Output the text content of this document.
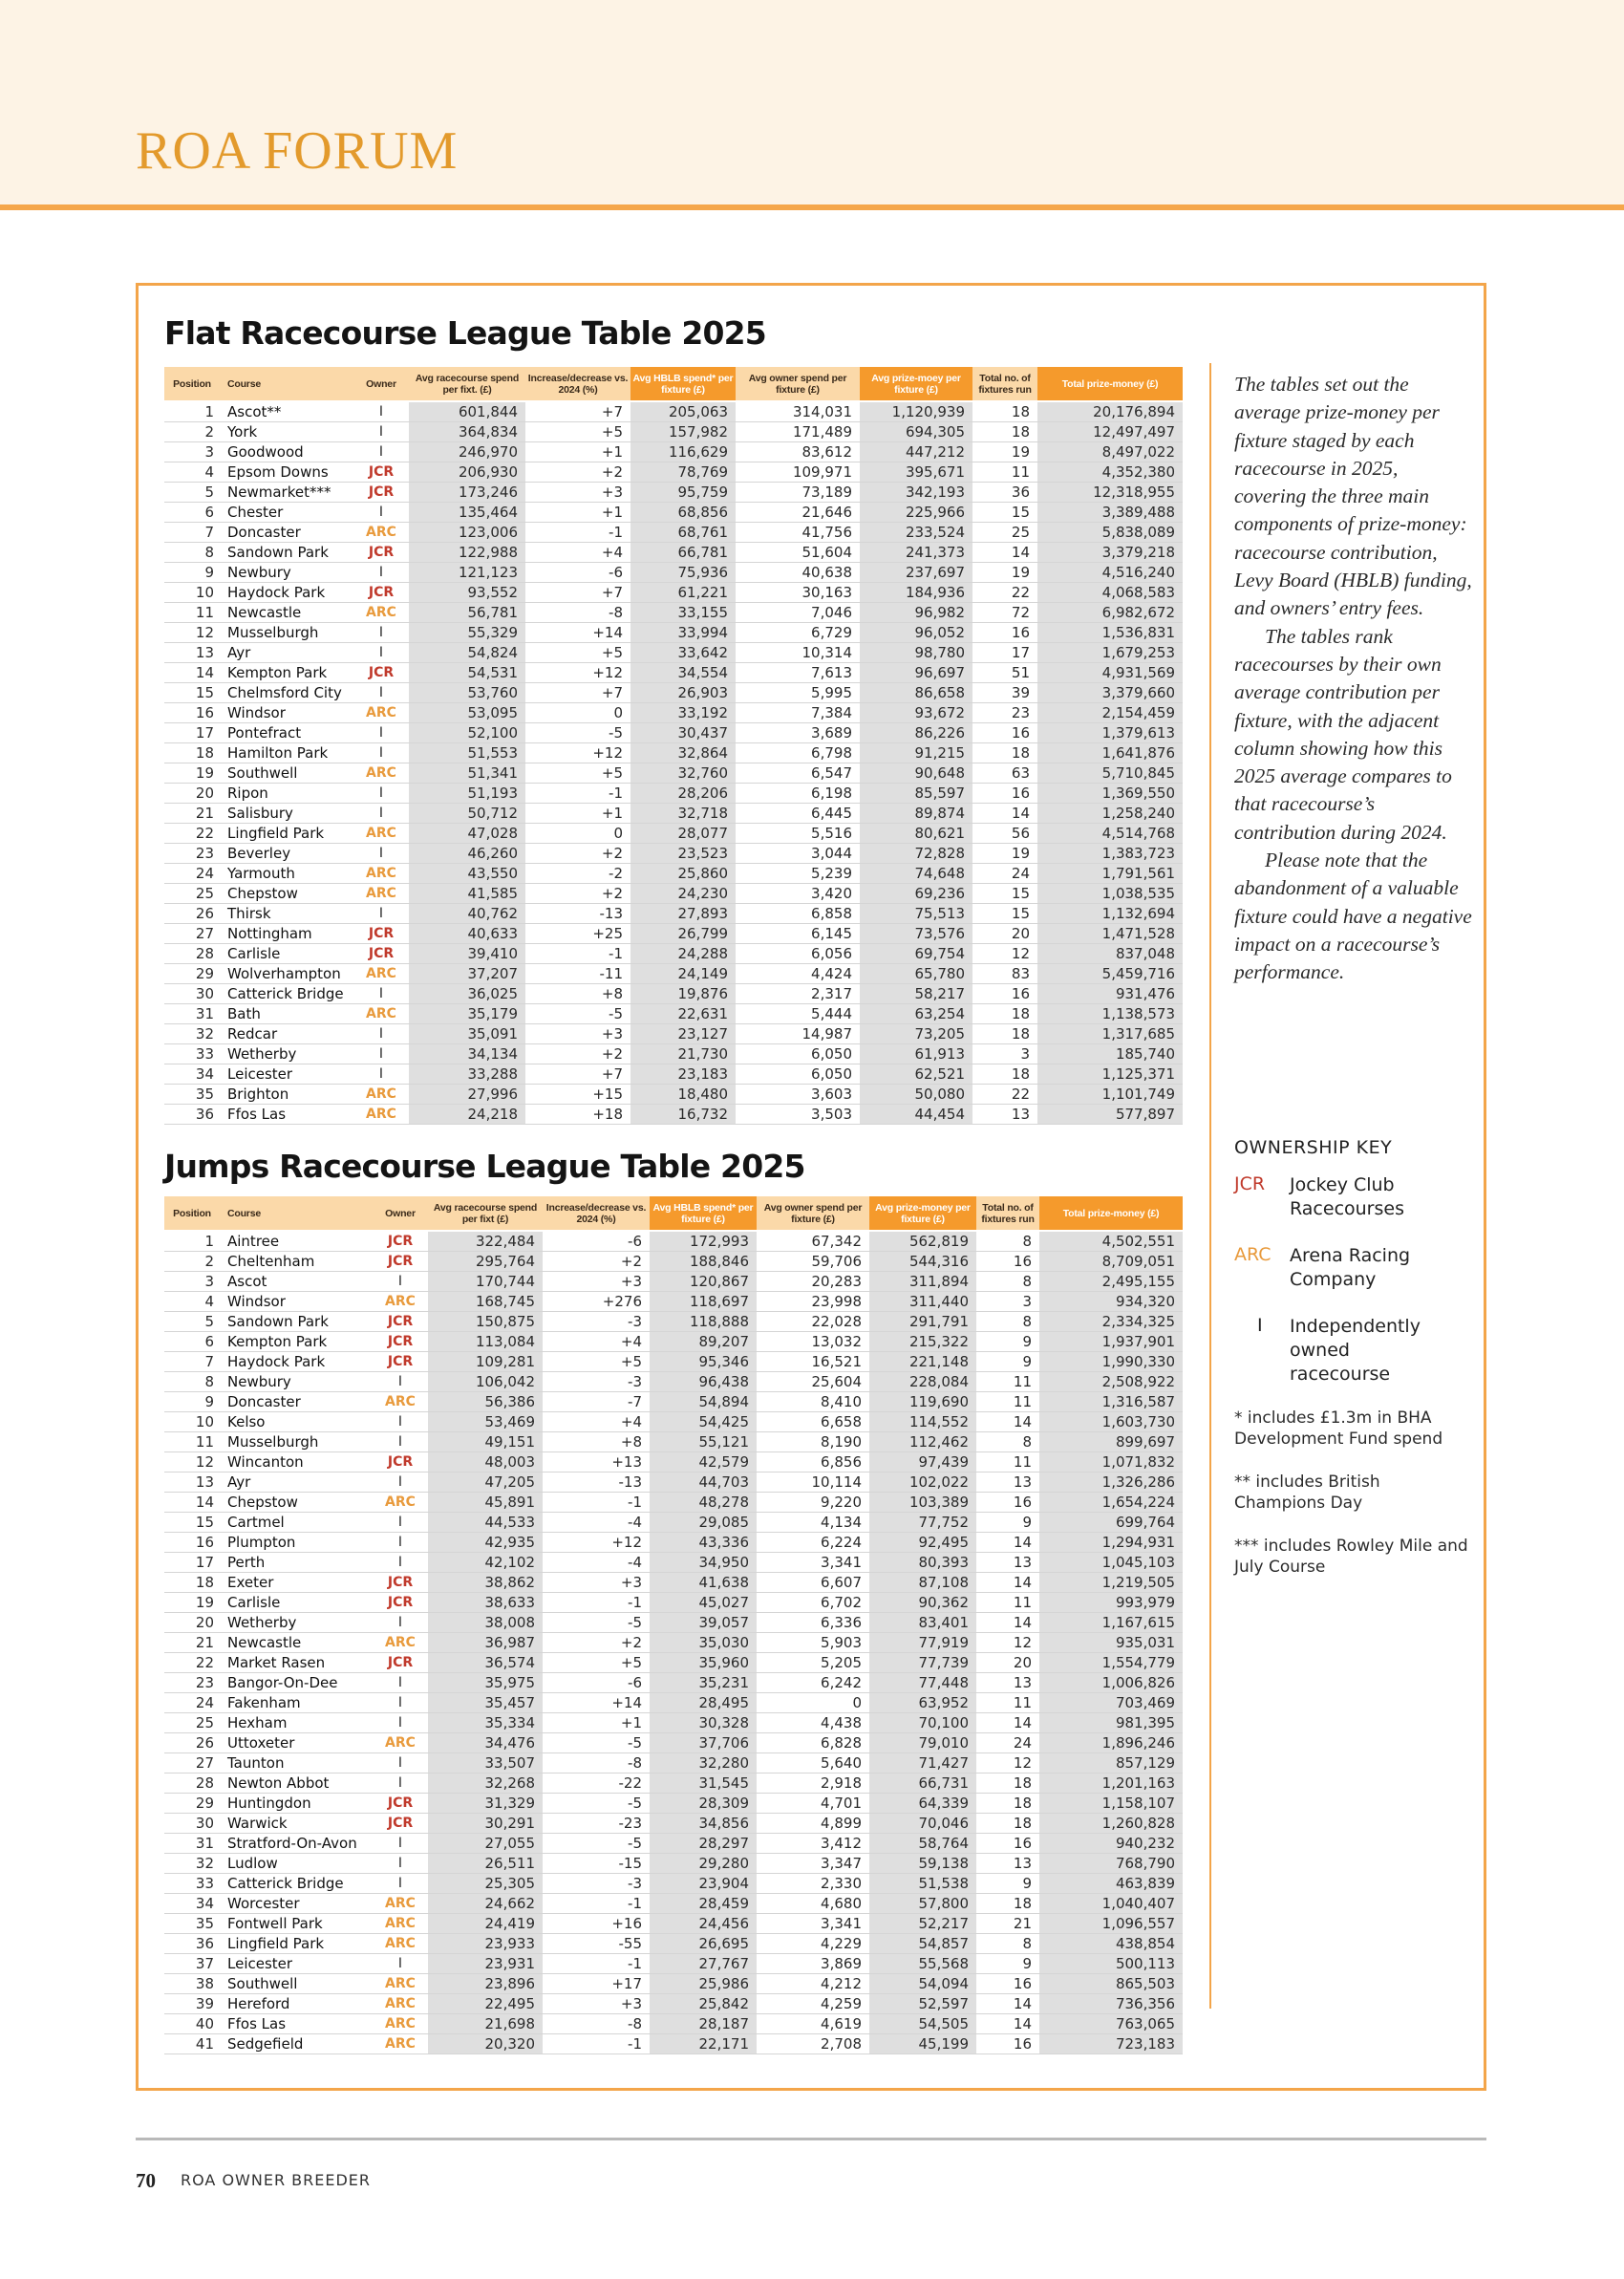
ROA FORUM
Flat Racecourse League Table 2025
Position	Course	Owner	Avg racecourse spend per fixt. (£)	Increase/decrease vs. 2024 (%)	Avg HBLB spend* per fixture (£)	Avg owner spend per fixture (£)	Avg prize-moey per fixture (£)	Total no. of fixtures run	Total prize-money (£)
1	Ascot**	I	601,844	+7	205,063	314,031	1,120,939	18	20,176,894
2	York	I	364,834	+5	157,982	171,489	694,305	18	12,497,497
3	Goodwood	I	246,970	+1	116,629	83,612	447,212	19	8,497,022
4	Epsom Downs	JCR	206,930	+2	78,769	109,971	395,671	11	4,352,380
5	Newmarket***	JCR	173,246	+3	95,759	73,189	342,193	36	12,318,955
6	Chester	I	135,464	+1	68,856	21,646	225,966	15	3,389,488
7	Doncaster	ARC	123,006	-1	68,761	41,756	233,524	25	5,838,089
8	Sandown Park	JCR	122,988	+4	66,781	51,604	241,373	14	3,379,218
9	Newbury	I	121,123	-6	75,936	40,638	237,697	19	4,516,240
10	Haydock Park	JCR	93,552	+7	61,221	30,163	184,936	22	4,068,583
11	Newcastle	ARC	56,781	-8	33,155	7,046	96,982	72	6,982,672
12	Musselburgh	I	55,329	+14	33,994	6,729	96,052	16	1,536,831
13	Ayr	I	54,824	+5	33,642	10,314	98,780	17	1,679,253
14	Kempton Park	JCR	54,531	+12	34,554	7,613	96,697	51	4,931,569
15	Chelmsford City	I	53,760	+7	26,903	5,995	86,658	39	3,379,660
16	Windsor	ARC	53,095	0	33,192	7,384	93,672	23	2,154,459
17	Pontefract	I	52,100	-5	30,437	3,689	86,226	16	1,379,613
18	Hamilton Park	I	51,553	+12	32,864	6,798	91,215	18	1,641,876
19	Southwell	ARC	51,341	+5	32,760	6,547	90,648	63	5,710,845
20	Ripon	I	51,193	-1	28,206	6,198	85,597	16	1,369,550
21	Salisbury	I	50,712	+1	32,718	6,445	89,874	14	1,258,240
22	Lingfield Park	ARC	47,028	0	28,077	5,516	80,621	56	4,514,768
23	Beverley	I	46,260	+2	23,523	3,044	72,828	19	1,383,723
24	Yarmouth	ARC	43,550	-2	25,860	5,239	74,648	24	1,791,561
25	Chepstow	ARC	41,585	+2	24,230	3,420	69,236	15	1,038,535
26	Thirsk	I	40,762	-13	27,893	6,858	75,513	15	1,132,694
27	Nottingham	JCR	40,633	+25	26,799	6,145	73,576	20	1,471,528
28	Carlisle	JCR	39,410	-1	24,288	6,056	69,754	12	837,048
29	Wolverhampton	ARC	37,207	-11	24,149	4,424	65,780	83	5,459,716
30	Catterick Bridge	I	36,025	+8	19,876	2,317	58,217	16	931,476
31	Bath	ARC	35,179	-5	22,631	5,444	63,254	18	1,138,573
32	Redcar	I	35,091	+3	23,127	14,987	73,205	18	1,317,685
33	Wetherby	I	34,134	+2	21,730	6,050	61,913	3	185,740
34	Leicester	I	33,288	+7	23,183	6,050	62,521	18	1,125,371
35	Brighton	ARC	27,996	+15	18,480	3,603	50,080	22	1,101,749
36	Ffos Las	ARC	24,218	+18	16,732	3,503	44,454	13	577,897
Jumps Racecourse League Table 2025
Position	Course	Owner	Avg racecourse spend per fixt (£)	Increase/decrease vs. 2024 (%)	Avg HBLB spend* per fixture (£)	Avg owner spend per fixture (£)	Avg prize-money per fixture (£)	Total no. of fixtures run	Total prize-money (£)
1	Aintree	JCR	322,484	-6	172,993	67,342	562,819	8	4,502,551
2	Cheltenham	JCR	295,764	+2	188,846	59,706	544,316	16	8,709,051
3	Ascot	I	170,744	+3	120,867	20,283	311,894	8	2,495,155
4	Windsor	ARC	168,745	+276	118,697	23,998	311,440	3	934,320
5	Sandown Park	JCR	150,875	-3	118,888	22,028	291,791	8	2,334,325
6	Kempton Park	JCR	113,084	+4	89,207	13,032	215,322	9	1,937,901
7	Haydock Park	JCR	109,281	+5	95,346	16,521	221,148	9	1,990,330
8	Newbury	I	106,042	-3	96,438	25,604	228,084	11	2,508,922
9	Doncaster	ARC	56,386	-7	54,894	8,410	119,690	11	1,316,587
10	Kelso	I	53,469	+4	54,425	6,658	114,552	14	1,603,730
11	Musselburgh	I	49,151	+8	55,121	8,190	112,462	8	899,697
12	Wincanton	JCR	48,003	+13	42,579	6,856	97,439	11	1,071,832
13	Ayr	I	47,205	-13	44,703	10,114	102,022	13	1,326,286
14	Chepstow	ARC	45,891	-1	48,278	9,220	103,389	16	1,654,224
15	Cartmel	I	44,533	-4	29,085	4,134	77,752	9	699,764
16	Plumpton	I	42,935	+12	43,336	6,224	92,495	14	1,294,931
17	Perth	I	42,102	-4	34,950	3,341	80,393	13	1,045,103
18	Exeter	JCR	38,862	+3	41,638	6,607	87,108	14	1,219,505
19	Carlisle	JCR	38,633	-1	45,027	6,702	90,362	11	993,979
20	Wetherby	I	38,008	-5	39,057	6,336	83,401	14	1,167,615
21	Newcastle	ARC	36,987	+2	35,030	5,903	77,919	12	935,031
22	Market Rasen	JCR	36,574	+5	35,960	5,205	77,739	20	1,554,779
23	Bangor-On-Dee	I	35,975	-6	35,231	6,242	77,448	13	1,006,826
24	Fakenham	I	35,457	+14	28,495	0	63,952	11	703,469
25	Hexham	I	35,334	+1	30,328	4,438	70,100	14	981,395
26	Uttoxeter	ARC	34,476	-5	37,706	6,828	79,010	24	1,896,246
27	Taunton	I	33,507	-8	32,280	5,640	71,427	12	857,129
28	Newton Abbot	I	32,268	-22	31,545	2,918	66,731	18	1,201,163
29	Huntingdon	JCR	31,329	-5	28,309	4,701	64,339	18	1,158,107
30	Warwick	JCR	30,291	-23	34,856	4,899	70,046	18	1,260,828
31	Stratford-On-Avon	I	27,055	-5	28,297	3,412	58,764	16	940,232
32	Ludlow	I	26,511	-15	29,280	3,347	59,138	13	768,790
33	Catterick Bridge	I	25,305	-3	23,904	2,330	51,538	9	463,839
34	Worcester	ARC	24,662	-1	28,459	4,680	57,800	18	1,040,407
35	Fontwell Park	ARC	24,419	+16	24,456	3,341	52,217	21	1,096,557
36	Lingfield Park	ARC	23,933	-55	26,695	4,229	54,857	8	438,854
37	Leicester	I	23,931	-1	27,767	3,869	55,568	9	500,113
38	Southwell	ARC	23,896	+17	25,986	4,212	54,094	16	865,503
39	Hereford	ARC	22,495	+3	25,842	4,259	52,597	14	736,356
40	Ffos Las	ARC	21,698	-8	28,187	4,619	54,505	14	763,065
41	Sedgefield	ARC	20,320	-1	22,171	2,708	45,199	16	723,183

The tables set out the average prize-money per fixture staged by each racecourse in 2025, covering the three main components of prize-money: racecourse contribution, Levy Board (HBLB) funding, and owners’ entry fees.

The tables rank racecourses by their own average contribution per fixture, with the adjacent column showing how this 2025 average compares to that racecourse’s contribution during 2024.

Please note that the abandonment of a valuable fixture could have a negative impact on a racecourse’s performance.

OWNERSHIP KEY
JCR	Jockey Club Racecourses
ARC	Arena Racing Company
I	Independently owned racecourse
* includes £1.3m in BHA Development Fund spend
** includes British Champions Day
*** includes Rowley Mile and July Course
70 ROA OWNER BREEDER
